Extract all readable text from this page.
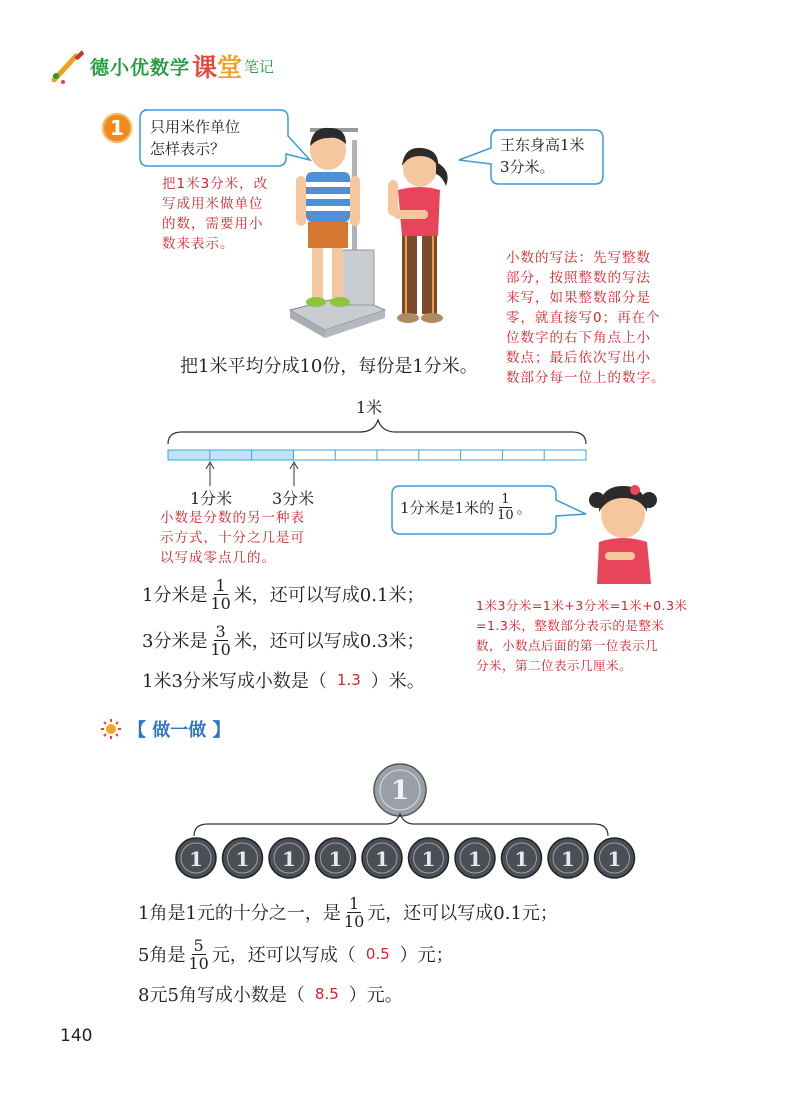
德小优数学 课 堂 笔记
1	只用米作单位
怎样表示？	王东身高1米
3分米。
把1米3分米，改
写成用米做单位
的数，需要用小
数来表示。
小数的写法：先写整数
部分，按照整数的写法
来写，如果整数部分是
零，就直接写0；再在个
位数字的右下角点上小
数点；最后依次写出小
数部分每一位上的数字。
把1米平均分成10份，每份是1分米。
1米
1分米 3分米	1分米是1米的 $\frac{1}{10}$ 。
小数是分数的另一种表
示方式，十分之几是可
以写成零点几的。
1分米是 $\frac{1}{10}$ 米，还可以写成0.1米；
3分米是 $\frac{3}{10}$ 米，还可以写成0.3米；
1米3分米写成小数是（ 1.3 ）米。
1米3分米=1米+3分米=1米+0.3米
=1.3米，整数部分表示的是整米
数，小数点后面的第一位表示几
分米，第二位表示几厘米。
【 做一做 】
1
1 1 1 1 1 1 1 1 1 1
1角是1元的十分之一，是 $\frac{1}{10}$ 元，还可以写成0.1元；
5角是 $\frac{5}{10}$ 元，还可以写成（ 0.5 ）元；
8元5角写成小数是（ 8.5 ）元。
140
